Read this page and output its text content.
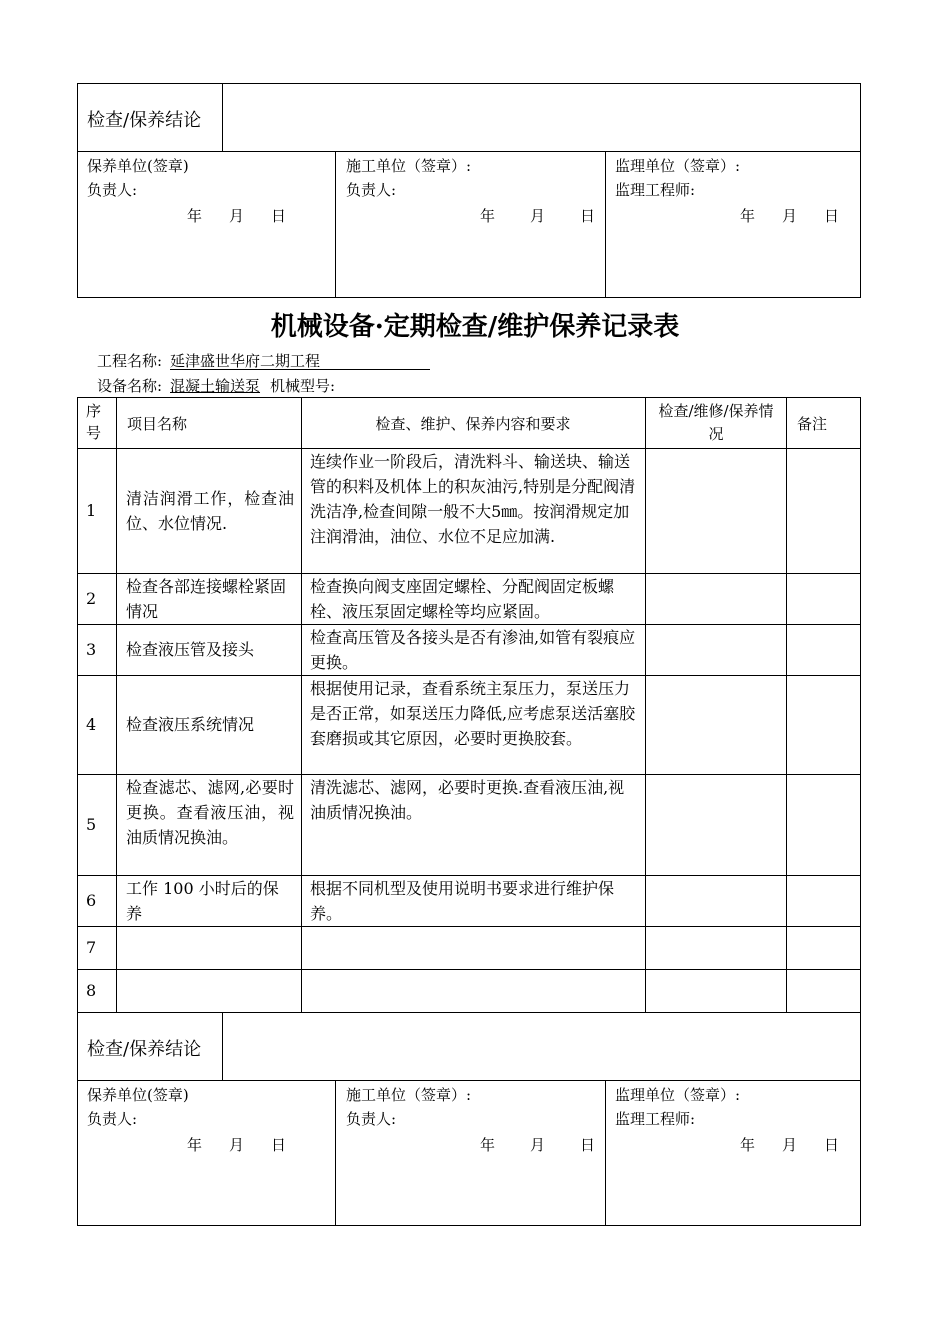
检查/保养结论
保养单位(签章)
负责人:
年 月 日
施工单位（签章）:
负责人:
年 月 日
监理单位（签章）:
监理工程师:
年 月 日
机械设备·定期检查/维护保养记录表
工程名称: 延津盛世华府二期工程
设备名称: 混凝土输送泵 机械型号:
序号	项目名称	检查、维护、保养内容和要求
检查/维修/保养情况
备注
1
清洁润滑工作，检查油位、水位情况.
连续作业一阶段后，清洗料斗、输送块、输送管的积料及机体上的积灰油污,特别是分配阀清洗洁净,检查间隙一般不大5㎜。按润滑规定加注润滑油，油位、水位不足应加满.
2
检查各部连接螺栓紧固情况
检查换向阀支座固定螺栓、分配阀固定板螺栓、液压泵固定螺栓等均应紧固。
3 检查液压管及接头
检查高压管及各接头是否有渗油,如管有裂痕应更换。
4 检查液压系统情况
根据使用记录，查看系统主泵压力，泵送压力是否正常，如泵送压力降低,应考虑泵送活塞胶套磨损或其它原因，必要时更换胶套。
5
检查滤芯、滤网,必要时更换。查看液压油，视油质情况换油。
清洗滤芯、滤网，必要时更换.查看液压油,视油质情况换油。
6
工作 100 小时后的保养
根据不同机型及使用说明书要求进行维护保养。
7
8
检查/保养结论
保养单位(签章)
负责人:
年 月 日
施工单位（签章）:
负责人:
年 月 日
监理单位（签章）:
监理工程师:
年 月 日
